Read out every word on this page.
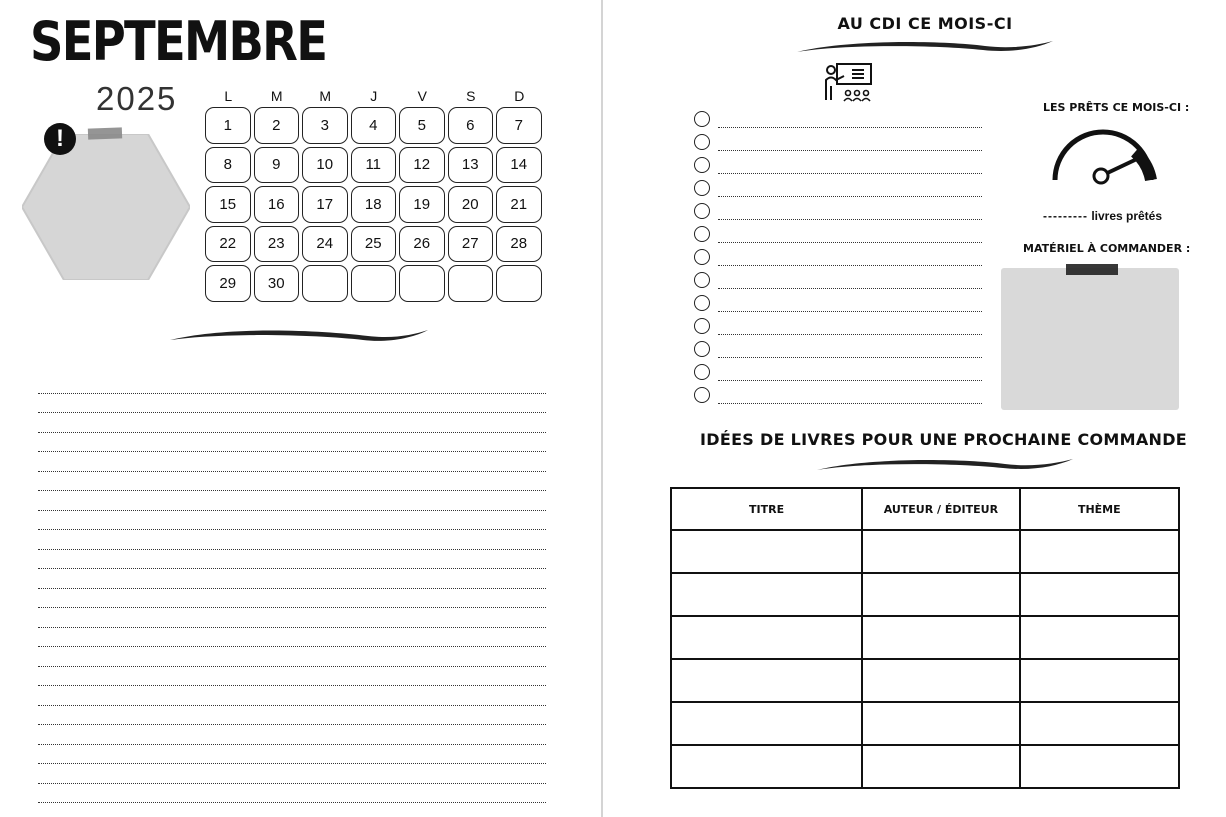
SEPTEMBRE
2025
!
L	M	M	J	V	S	D
1	2	3	4	5	6	7
8	9	10	11	12	13	14
15	16	17	18	19	20	21
22	23	24	25	26	27	28
29	30
AU CDI CE MOIS-CI
LES PRÊTS CE MOIS-CI :
--------- livres prêtés
MATÉRIEL À COMMANDER :
IDÉES DE LIVRES POUR UNE PROCHAINE COMMANDE
TITRE	AUTEUR / ÉDITEUR	THÈME
